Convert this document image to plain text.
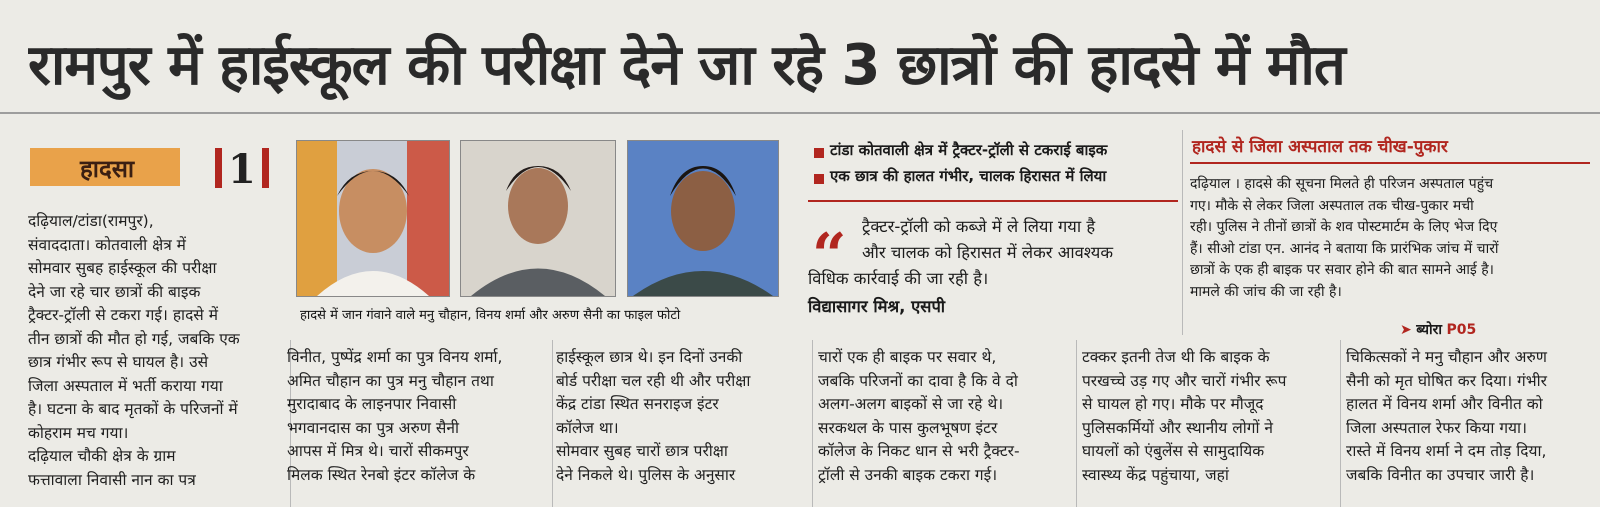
रामपुर में हाईस्कूल की परीक्षा देने जा रहे 3 छात्रों की हादसे में मौत
हादसा 1
दढ़ियाल/टांडा(रामपुर),
संवाददाता। कोतवाली क्षेत्र में
सोमवार सुबह हाईस्कूल की परीक्षा
देने जा रहे चार छात्रों की बाइक
ट्रैक्टर-ट्रॉली से टकरा गई। हादसे में
तीन छात्रों की मौत हो गई, जबकि एक
छात्र गंभीर रूप से घायल है। उसे
जिला अस्पताल में भर्ती कराया गया
है। घटना के बाद मृतकों के परिजनों में
कोहराम मच गया।
दढ़ियाल चौकी क्षेत्र के ग्राम
फत्तावाला निवासी नान का पत्र
हादसे में जान गंवाने वाले मनु चौहान, विनय शर्मा और अरुण सैनी का फाइल फोटो
विनीत, पुष्पेंद्र शर्मा का पुत्र विनय शर्मा,
अमित चौहान का पुत्र मनु चौहान तथा
मुरादाबाद के लाइनपार निवासी
भगवानदास का पुत्र अरुण सैनी
आपस में मित्र थे। चारों सीकमपुर
मिलक स्थित रेनबो इंटर कॉलेज के
हाईस्कूल छात्र थे। इन दिनों उनकी
बोर्ड परीक्षा चल रही थी और परीक्षा
केंद्र टांडा स्थित सनराइज इंटर
कॉलेज था।
सोमवार सुबह चारों छात्र परीक्षा
देने निकले थे। पुलिस के अनुसार
चारों एक ही बाइक पर सवार थे,
जबकि परिजनों का दावा है कि वे दो
अलग-अलग बाइकों से जा रहे थे।
सरकथल के पास कुलभूषण इंटर
कॉलेज के निकट धान से भरी ट्रैक्टर-
ट्रॉली से उनकी बाइक टकरा गई।
टक्कर इतनी तेज थी कि बाइक के
परखच्चे उड़ गए और चारों गंभीर रूप
से घायल हो गए। मौके पर मौजूद
पुलिसकर्मियों और स्थानीय लोगों ने
घायलों को एंबुलेंस से सामुदायिक
स्वास्थ्य केंद्र पहुंचाया, जहां
चिकित्सकों ने मनु चौहान और अरुण
सैनी को मृत घोषित कर दिया। गंभीर
हालत में विनय शर्मा और विनीत को
जिला अस्पताल रेफर किया गया।
रास्ते में विनय शर्मा ने दम तोड़ दिया,
जबकि विनीत का उपचार जारी है।
टांडा कोतवाली क्षेत्र में ट्रैक्टर-ट्रॉली से टकराई बाइक
एक छात्र की हालत गंभीर, चालक हिरासत में लिया
“ ट्रैक्टर-ट्रॉली को कब्जे में ले लिया गया है
और चालक को हिरासत में लेकर आवश्यक
विधिक कार्रवाई की जा रही है।
विद्यासागर मिश्र, एसपी
हादसे से जिला अस्पताल तक चीख-पुकार
दढ़ियाल । हादसे की सूचना मिलते ही परिजन अस्पताल पहुंच
गए। मौके से लेकर जिला अस्पताल तक चीख-पुकार मची
रही। पुलिस ने तीनों छात्रों के शव पोस्टमार्टम के लिए भेज दिए
हैं। सीओ टांडा एन. आनंद ने बताया कि प्रारंभिक जांच में चारों
छात्रों के एक ही बाइक पर सवार होने की बात सामने आई है।
मामले की जांच की जा रही है।
➤ ब्योरा P05
